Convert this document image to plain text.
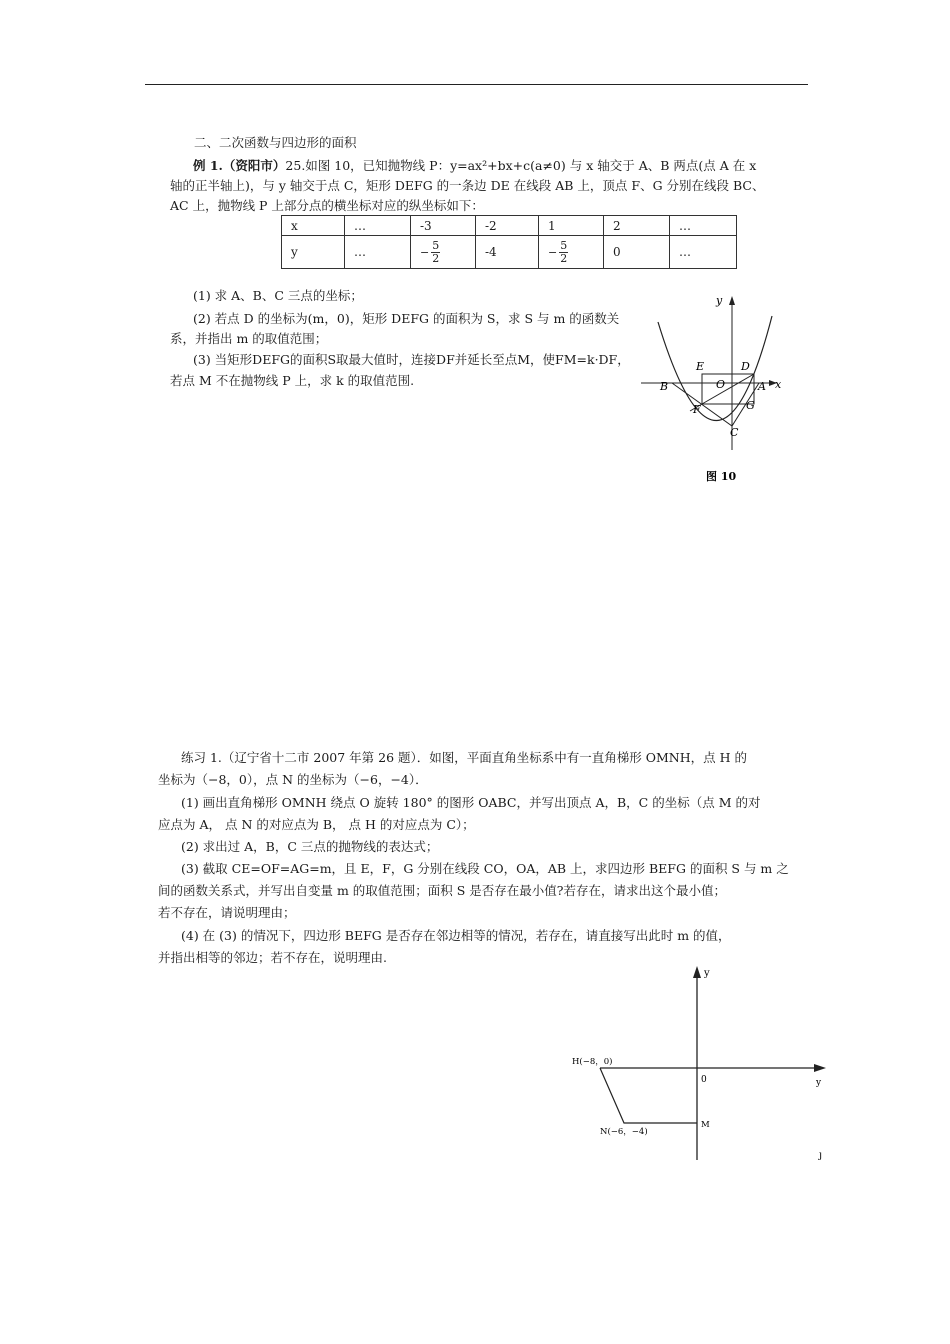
二、二次函数与四边形的面积
例 1.（资阳市）25.如图 10，已知抛物线 P：y=ax²+bx+c(a≠0) 与 x 轴交于 A、B 两点(点 A 在 x
轴的正半轴上)，与 y 轴交于点 C，矩形 DEFG 的一条边 DE 在线段 AB 上，顶点 F、G 分别在线段 BC、
AC 上，抛物线 P 上部分点的横坐标对应的纵坐标如下：
x	…	-3	-2	1	2	…
y	…	− $\frac{5}{2}$	-4	− $\frac{5}{2}$	0	…
(1) 求 A、B、C 三点的坐标；
(2) 若点 D 的坐标为(m，0)，矩形 DEFG 的面积为 S，求 S 与 m 的函数关
系，并指出 m 的取值范围；
(3) 当矩形DEFG的面积S取最大值时，连接DF并延长至点M，使FM=k·DF，
若点 M 不在抛物线 P 上，求 k 的取值范围.
y
x
E	D
O
B	A
F	G
C
图 10
练习 1.（辽宁省十二市 2007 年第 26 题）．如图，平面直角坐标系中有一直角梯形 OMNH，点 H 的
坐标为（−8，0），点 N 的坐标为（−6，−4）．
(1) 画出直角梯形 OMNH 绕点 O 旋转 180° 的图形 OABC，并写出顶点 A，B，C 的坐标（点 M 的对
应点为 A， 点 N 的对应点为 B， 点 H 的对应点为 C）；
(2) 求出过 A，B，C 三点的抛物线的表达式；
(3) 截取 CE=OF=AG=m，且 E，F，G 分别在线段 CO，OA，AB 上，求四边形 BEFG 的面积 S 与 m 之
间的函数关系式，并写出自变量 m 的取值范围；面积 S 是否存在最小值?若存在，请求出这个最小值；
若不存在，请说明理由；
(4) 在 (3) 的情况下，四边形 BEFG 是否存在邻边相等的情况，若存在，请直接写出此时 m 的值，
并指出相等的邻边；若不存在，说明理由.
y
y
0
H(−8，0)
N(−6，−4)
M
ȷ
